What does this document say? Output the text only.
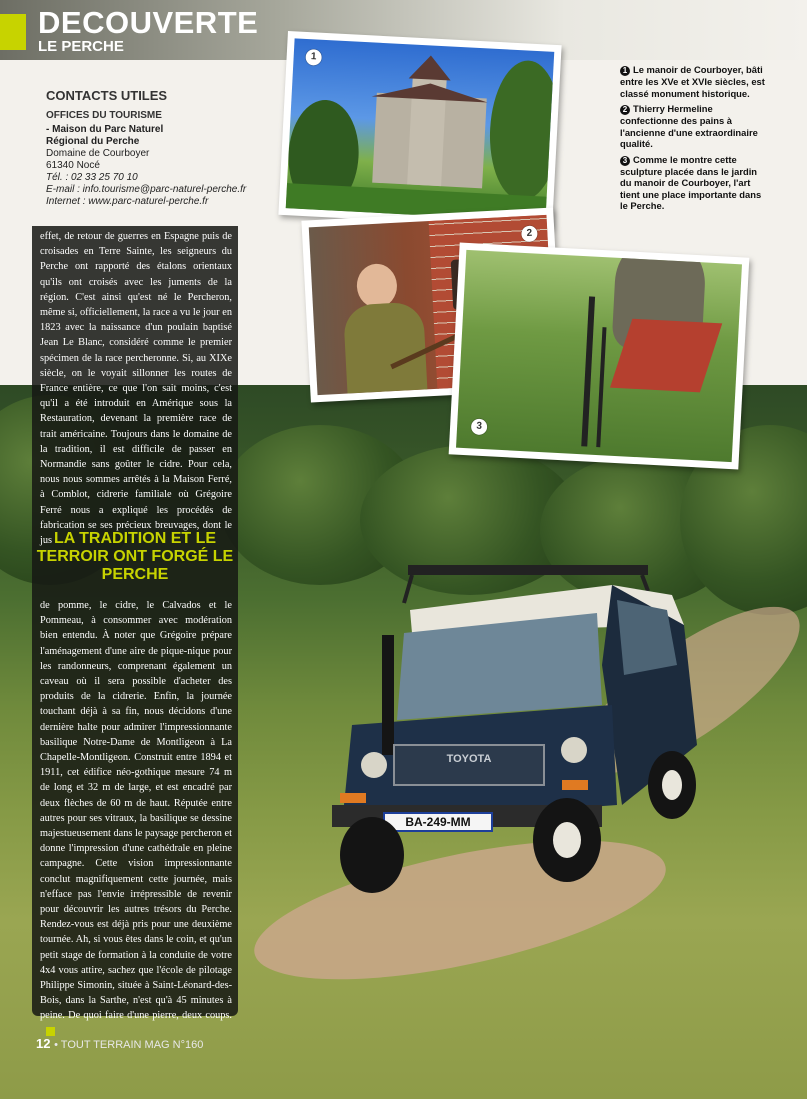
DECOUVERTE
LE PERCHE
CONTACTS UTILES
OFFICES DU TOURISME
- Maison du Parc Naturel
Régional du Perche
Domaine de Courboyer
61340 Nocé
Tél. : 02 33 25 70 10
E-mail : info.tourisme@parc-naturel-perche.fr
Internet : www.parc-naturel-perche.fr
TOYOTA
BA-249-MM
effet, de retour de guerres en Espagne puis de croisades en Terre Sainte, les seigneurs du Perche ont rapporté des étalons orientaux qu'ils ont croisés avec les juments de la région. C'est ainsi qu'est né le Percheron, même si, officiellement, la race a vu le jour en 1823 avec la naissance d'un poulain baptisé Jean Le Blanc, considéré comme le premier spécimen de la race percheronne. Si, au XIXe siècle, on le voyait sillonner les routes de France entière, ce que l'on sait moins, c'est qu'il a été introduit en Amérique sous la Restauration, devenant la première race de trait américaine. Toujours dans le domaine de la tradition, il est difficile de passer en Normandie sans goûter le cidre. Pour cela, nous nous sommes arrêtés à la Maison Ferré, à Comblot, cidrerie familiale où Grégoire Ferré nous a expliqué les procédés de fabrication se ses précieux breuvages, dont le jus LA TRADITION ET LE TERROIR ONT FORGÉ LE PERCHE
de pomme, le cidre, le Calvados et le Pommeau, à consommer avec modération bien entendu. À noter que Grégoire prépare l'aménagement d'une aire de pique-nique pour les randonneurs, comprenant également un caveau où il sera possible d'acheter des produits de la cidrerie. Enfin, la journée touchant déjà à sa fin, nous décidons d'une dernière halte pour admirer l'impressionnante basilique Notre-Dame de Montligeon à La Chapelle-Montligeon. Construit entre 1894 et 1911, cet édifice néo-gothique mesure 74 m de long et 32 m de large, et est encadré par deux flèches de 60 m de haut. Réputée entre autres pour ses vitraux, la basilique se dessine majestueusement dans le paysage percheron et donne l'impression d'une cathédrale en pleine campagne. Cette vision impressionnante conclut magnifiquement cette journée, mais n'efface pas l'envie irrépressible de revenir pour découvrir les autres trésors du Perche. Rendez-vous est déjà pris pour une deuxième tournée. Ah, si vous êtes dans le coin, et qu'un petit stage de formation à la conduite de votre 4x4 vous attire, sachez que l'école de pilotage Philippe Simonin, située à Saint-Léonard-des-Bois, dans la Sarthe, n'est qu'à 45 minutes à peine. De quoi faire d'une pierre, deux coups.
1
2
3
1 Le manoir de Courboyer, bâti entre les XVe et XVIe siècles, est classé monument historique.
2 Thierry Hermeline confectionne des pains à l'ancienne d'une extraordinaire qualité.
3 Comme le montre cette sculpture placée dans le jardin du manoir de Courboyer, l'art tient une place importante dans le Perche.
12 • TOUT TERRAIN MAG N°160
